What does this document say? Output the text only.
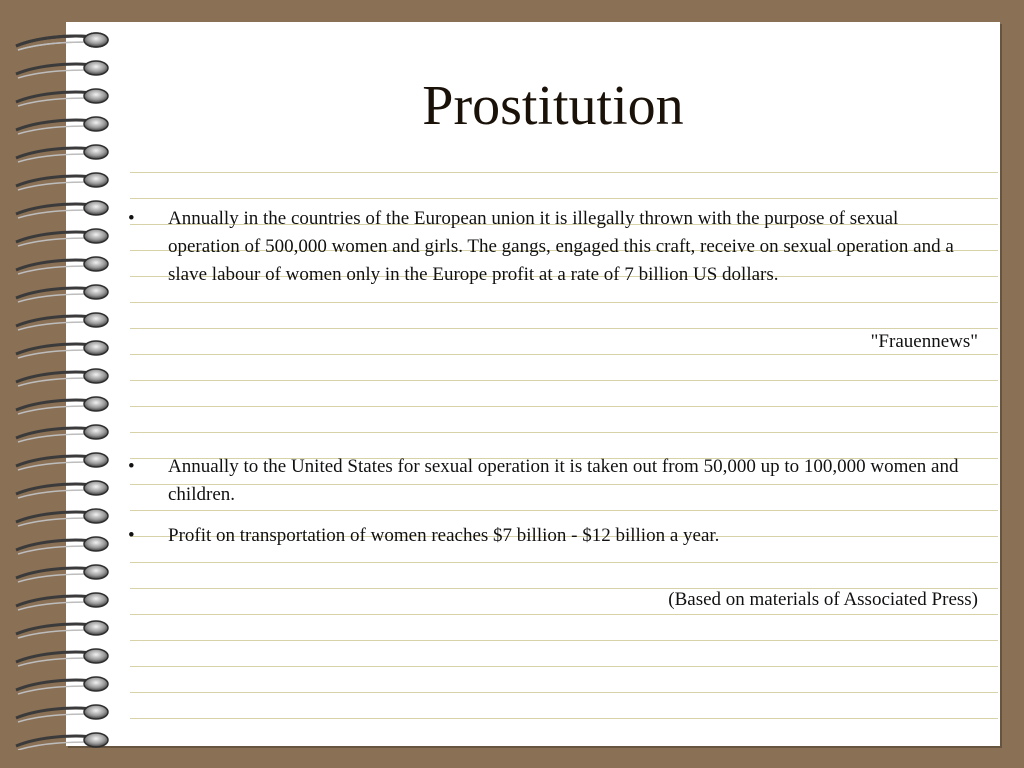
Prostitution
• Annually in the countries of the European union it is illegally thrown with the purpose of sexual operation of 500,000 women and girls. The gangs, engaged this craft, receive on sexual operation and a slave labour of women only in the Europe profit at a rate of 7 billion US dollars.
"Frauennews"
• Annually to the United States for sexual operation it is taken out from 50,000 up to 100,000 women and children.
• Profit on transportation of women reaches $7 billion - $12 billion a year.
(Based on materials of Associated Press)
